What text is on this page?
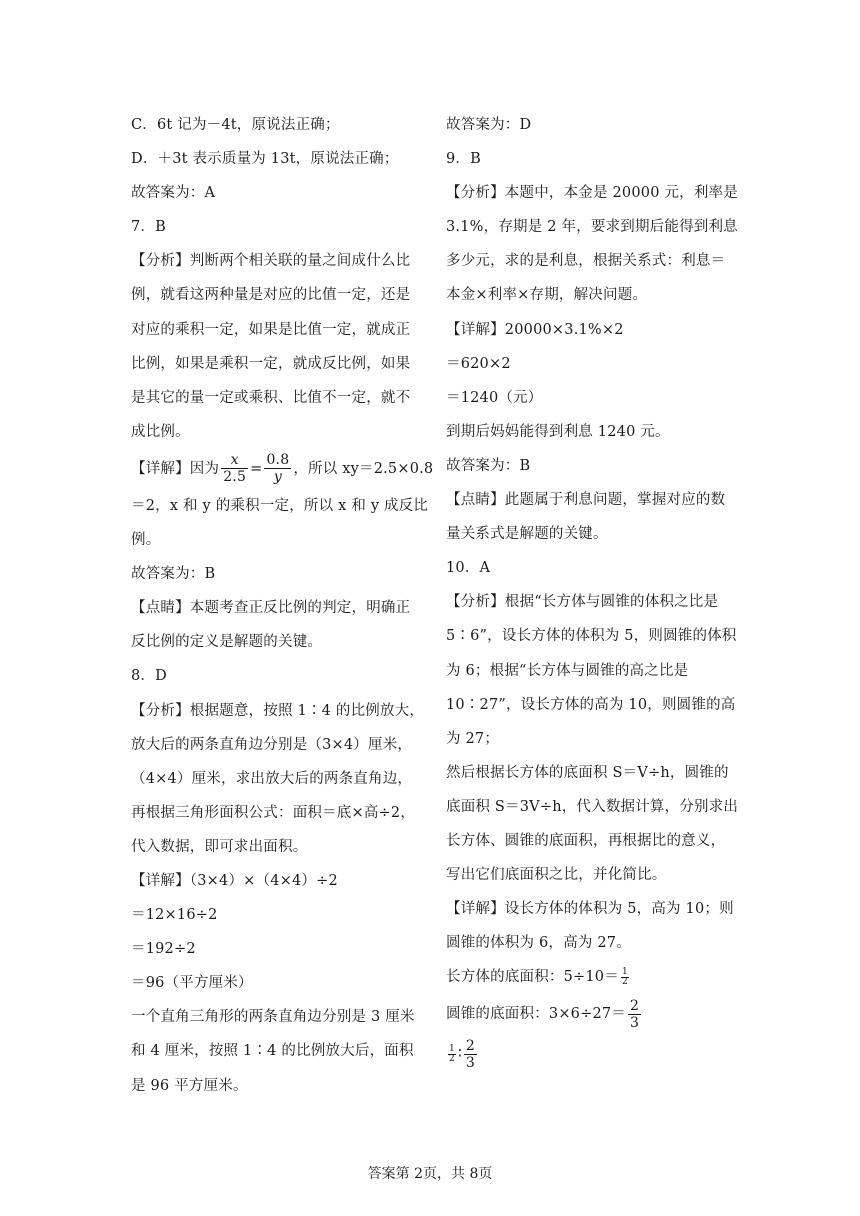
C．6t 记为－4t，原说法正确；
D．＋3t 表示质量为 13t，原说法正确；
故答案为：A
7．B
【分析】判断两个相关联的量之间成什么比
例，就看这两种量是对应的比值一定，还是
对应的乘积一定，如果是比值一定，就成正
比例，如果是乘积一定，就成反比例，如果
是其它的量一定或乘积、比值不一定，就不
成比例。
【详解】因为 $\frac{x}{2.5} = \frac{0.8}{y}$ ，所以 xy＝2.5×0.8
＝2，x 和 y 的乘积一定，所以 x 和 y 成反比
例。
故答案为：B
【点睛】本题考查正反比例的判定，明确正
反比例的定义是解题的关键。
8．D
【分析】根据题意，按照 1∶4 的比例放大，
放大后的两条直角边分别是（3×4）厘米，
（4×4）厘米，求出放大后的两条直角边，
再根据三角形面积公式：面积＝底×高÷2，
代入数据，即可求出面积。
【详解】（3×4）×（4×4）÷2
＝12×16÷2
＝192÷2
＝96（平方厘米）
一个直角三角形的两条直角边分别是 3 厘米
和 4 厘米，按照 1∶4 的比例放大后，面积
是 96 平方厘米。
故答案为：D
9．B
【分析】本题中，本金是 20000 元，利率是
3.1%，存期是 2 年，要求到期后能得到利息
多少元，求的是利息，根据关系式：利息＝
本金×利率×存期，解决问题。
【详解】20000×3.1%×2
＝620×2
＝1240（元）
到期后妈妈能得到利息 1240 元。
故答案为：B
【点睛】此题属于利息问题，掌握对应的数
量关系式是解题的关键。
10．A
【分析】根据“长方体与圆锥的体积之比是
5∶6”，设长方体的体积为 5，则圆锥的体积
为 6；根据“长方体与圆锥的高之比是
10∶27”，设长方体的高为 10，则圆锥的高
为 27；
然后根据长方体的底面积 S＝V÷h，圆锥的
底面积 S＝3V÷h，代入数据计算，分别求出
长方体、圆锥的底面积，再根据比的意义，
写出它们底面积之比，并化简比。
【详解】设长方体的体积为 5，高为 10；则
圆锥的体积为 6，高为 27。
长方体的底面积：$5\div 10= \frac{1}{2}$
圆锥的底面积：$3\times 6\div 27= \frac{2}{3}$
$\frac{1}{2}$ ∶ $\frac{2}{3}$
答案第 2页，共 8页
